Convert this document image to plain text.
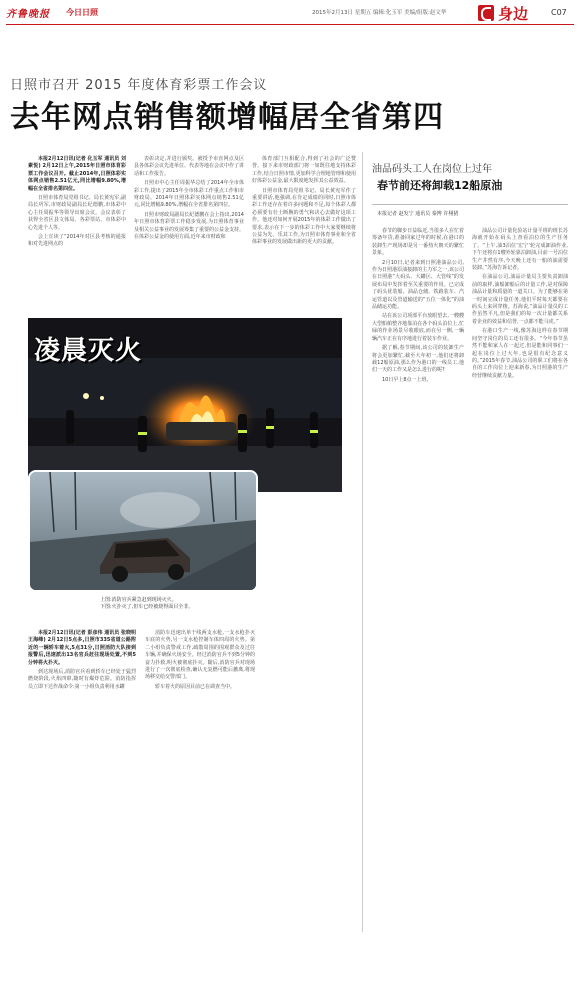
齐鲁晚报 今日日照	2015年2月13日 星期五 编辑:化玉军 美编/组版:赵文华	身边	C07
日照市召开 2015 年度体育彩票工作会议
去年网点销售额增幅居全省第四

本报2月12日讯(记者 化玉军 通讯员 刘素悦) 2月12日上午,2015年日照市体育彩票工作会议召开。截止2014年,日照体彩实体网点销售2.51亿元,同比增幅9.80%,增幅在全省排名第四位。

日照市体育局党组书记、局长黄宪军,副局长巩军,市财政局副局长纪德鹏,市体彩中心主任周振华等领导出席会议。会议表彰了获得全省区县文体局、各彩票站、市体彩中心先进个人等。

会上宣读了“2014年对区县考核的通报和对先进网点的

表彰决定,并进行颁奖。被授予市直网点及区县各体彩会议先进单位、代表等地在会议中作了讲话和工作报告。

日照市中心主任周振华总结了2014年全市体彩工作,提出了2015年全市体彩工作重点工作和市财政局。2014年日照体彩实体网点销售2.51亿元,同比增幅9.80%,增幅在全省排名第四位。

日照市财政局副局长纪德鹏在会上指出,2014年日照市体育彩票工作稳步发展,为日照体育事业及相关公益事业的发展筹集了重要的公益金支持。在体彩公益金的使用方面,近年来市财政和

体育部门互相配合,得到了社会的广泛赞誉。接下来市财政部门将一如既往地支持体彩工作,结合日照市情,更加科学合理地管理和使用好体彩公益金,最大限度地发挥其公益效益。

日照市体育局党组书记、局长黄宪军作了重要讲话,他强调,在肯定成绩的同时,日照市体彩工作还存在着许多问题和不足,每个体彩人都必须要有壮士断腕的勇气和决心去做好这项工作。他还对如何开展2015年的体彩工作做出了要求,表示在下一步的体彩工作中大家要继续将公益为先、乐其工作,为日照市体育事业和全省体彩事业的发展做出新的更大的贡献。

凌晨灭火
上图:消防官兵紧急赶到现场灭火。
下图:火扑灭了,但车已经被烧得面目全非。

本报2月12日讯(记者 彭彦伟 通讯员 张晓明 王海峰) 2月12日5点多,日照市335省道公路附近的一辆轿车着火,5点31分,日照消防大队接到报警后,迅速派出13名官兵赶往现场处置,不到5分钟将火扑灭。

到达现场后,消防官兵看到轿车已经处于猛烈燃烧阶段,火焰四窜,随时有爆炸危险。消防指挥员立即下达作战命令:第一小组负责利用水罐

消防车迅速出单干线两支水枪,一支水枪扑灭车底的火势,另一支水枪控制车体四周的火势。第二小组负责警戒工作,疏散周围的围观群众及过往车辆,并确保火场安全。经过消防官兵不到5分钟的奋力扑救,明火被彻底扑灭。随后,消防官兵对现场进行了一次彻底检查,确认无复燃可能后撤离,将现场移交给交警部门。

轿车着火的原因目前已在调查当中。

油品码头工人在岗位上过年
春节前还将卸载12船原油
本报记者 赵发宁 通讯员 秦博 许栩猪

春节的脚步日益临近,当很多人在忙着筹备年货,准备回家过年的时候,在港口的装卸生产现场却是另一番热火朝天的繁忙景象。

2月10日,记者来到日照港油品公司,作为日照港原油接卸的主力军之一,该公司在日照港“大码头、大罐区、大管线”的发展布局中发挥着至关重要的作用。已完成了码头优装船、油品仓储、铁路装车、汽运管道以及管道输送的“五位一体化”的油品储运功能。

站在该公司项部平台放眼望去,一艘艘大型船舶整齐地靠泊在各个码头泊位上,忙碌的作业场景尽收眼底,而在另一侧,一辆辆汽车正在有序地进行着装车作业。

据了解,春节期间,该公司的装卸生产将会更加繁忙,截至大年初一,他们还将卸载12船原油,那么作为港口的一线员工,他们一天的工作又是怎么进行的呢?

10日早上8点一上班,

油品公司计量化验站计量平班的班长苏海就开始在码头上查看泊位的生产任务了。“上午,油3泊位‘宏宁’轮完成卸油作业,下午还将有1艘外轮靠泊卸油,目前一号泊位生产井然有序,今天晚上还有一船的油需要装卸。”苏海告诉记者。

在油品公司,油品计量员主要负责卸油前的取样,油船卸船后的计量工作,是对保障油品计量和质量的一道关口。为了能够在第一时间完成计量任务,他们平时每天都要在码头上来回穿梭。苏海说,“油品计量员的工作虽然平凡,但是我们的每一次计量都关系着企业的效益和信誉,一点都不能马虎。”

在港口生产一线,像苏海这样在春节期间坚守岗位的员工还有很多。“今年春节虽然不能和家人在一起过,但是能和同事们一起在岗位上过大年,也是很有纪念意义的。”2015年春节,油品公司的职工们将在各自的工作岗位上迎来新春,为日照港的生产经营继续贡献力量。
